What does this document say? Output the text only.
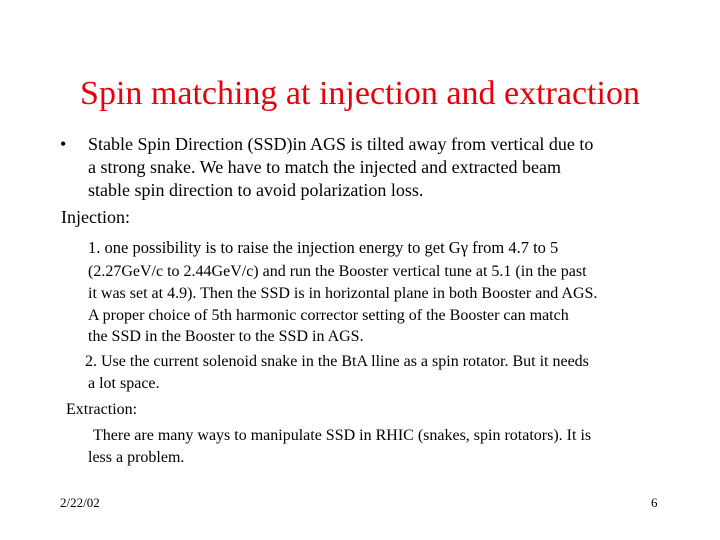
Spin matching at injection and extraction
• Stable Spin Direction (SSD)in AGS is tilted away from vertical due to
a strong snake. We have to match the injected and extracted beam
stable spin direction to avoid polarization loss.
Injection:
1. one possibility is to raise the injection energy to get Gγ from 4.7 to 5
(2.27GeV/c to 2.44GeV/c) and run the Booster vertical tune at 5.1 (in the past
it was set at 4.9). Then the SSD is in horizontal plane in both Booster and AGS.
A proper choice of 5th harmonic corrector setting of the Booster can match
the SSD in the Booster to the SSD in AGS.
2. Use the current solenoid snake in the BtA lline as a spin rotator. But it needs
a lot space.
Extraction:
There are many ways to manipulate SSD in RHIC (snakes, spin rotators). It is
less a problem.
2/22/02	6
